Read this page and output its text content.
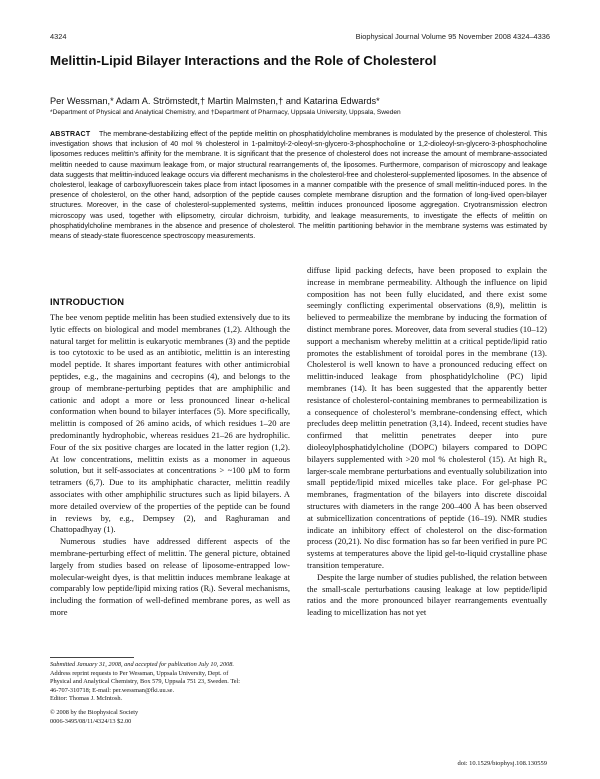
4324	Biophysical Journal Volume 95 November 2008 4324–4336
Melittin-Lipid Bilayer Interactions and the Role of Cholesterol
Per Wessman,* Adam A. Strömstedt,† Martin Malmsten,† and Katarina Edwards*
*Department of Physical and Analytical Chemistry, and †Department of Pharmacy, Uppsala University, Uppsala, Sweden

ABSTRACT The membrane-destabilizing effect of the peptide melittin on phosphatidylcholine membranes is modulated by the presence of cholesterol. This investigation shows that inclusion of 40 mol % cholesterol in 1-palmitoyl-2-oleoyl-sn-glycero-3-phosphocholine or 1,2-dioleoyl-sn-glycero-3-phosphocholine liposomes reduces melittin’s affinity for the membrane. It is significant that the presence of cholesterol does not increase the amount of membrane-associated melittin needed to cause maximum leakage from, or major structural rearrangements of, the liposomes. Furthermore, comparison of microscopy and leakage data suggests that melittin-induced leakage occurs via different mechanisms in the cholesterol-free and cholesterol-supplemented liposomes. In the absence of cholesterol, leakage of carboxyfluorescein takes place from intact liposomes in a manner compatible with the presence of small melittin-induced pores. In the presence of cholesterol, on the other hand, adsorption of the peptide causes complete membrane disruption and the formation of long-lived open-bilayer structures. Moreover, in the case of cholesterol-supplemented systems, melittin induces pronounced liposome aggregation. Cryotransmission electron microscopy was used, together with ellipsometry, circular dichroism, turbidity, and leakage measurements, to investigate the effects of melittin on phosphatidylcholine membranes in the absence and presence of cholesterol. The melittin partitioning behavior in the membrane systems was estimated by means of steady-state fluorescence spectroscopy measurements.

INTRODUCTION

The bee venom peptide melitin has been studied extensively due to its lytic effects on biological and model membranes (1,2). Although the natural target for melittin is eukaryotic membranes (3) and the peptide is too cytotoxic to be used as an antibiotic, melittin is an interesting model peptide. It shares important features with other antimicrobial peptides, e.g., the magainins and cecropins (4), and belongs to the group of membrane-perturbing peptides that are amphiphilic and cationic and adopt a more or less pronounced linear α-helical conformation when bound to bilayer interfaces (5). More specifically, melittin is composed of 26 amino acids, of which residues 1–20 are predominantly hydrophobic, whereas residues 21–26 are hydrophilic. Four of the six positive charges are located in the latter region (1,2). At low concentrations, melittin exists as a monomer in aqueous solution, but it self-associates at concentrations > ~100 μM to form tetramers (6,7). Due to its amphiphatic character, melittin readily associates with other amphiphilic structures such as lipid bilayers. A more detailed overview of the properties of the peptide can be found in reviews by, e.g., Dempsey (2), and Raghuraman and Chattopadhyay (1).

Numerous studies have addressed different aspects of the membrane-perturbing effect of melittin. The general picture, obtained largely from studies based on release of liposome-entrapped low-molecular-weight dyes, is that melittin induces membrane leakage at comparably low peptide/lipid mixing ratios (Rᵢ). Several mechanisms, including the formation of well-defined membrane pores, as well as more

diffuse lipid packing defects, have been proposed to explain the increase in membrane permeability. Although the influence on lipid composition has not been fully elucidated, and there exist some seemingly conflicting experimental observations (8,9), melittin is believed to permeabilize the membrane by inducing the formation of distinct membrane pores. Moreover, data from several studies (10–12) support a mechanism whereby melittin at a critical peptide/lipid ratio promotes the establishment of toroidal pores in the membrane (13). Cholesterol is well known to have a pronounced reducing effect on melittin-induced leakage from phosphatidylcholine (PC) lipid membranes (14). It has been suggested that the apparently better resistance of cholesterol-containing membranes to permeabilization is a consequence of cholesterol’s membrane-condensing effect, which precludes deep melittin penetration (3,14). Indeed, recent studies have confirmed that melittin penetrates deeper into pure dioleoylphosphatidylcholine (DOPC) bilayers compared to DOPC bilayers supplemented with >20 mol % cholesterol (15). At high Rᵢ, larger-scale membrane perturbations and eventually solubilization into small peptide/lipid mixed micelles take place. For gel-phase PC membranes, fragmentation of the bilayers into discrete discoidal structures with diameters in the range 200–400 Å has been observed at submicellization concentrations of peptide (16–19). NMR studies indicate an inhibitory effect of cholesterol on the disc-formation process (20,21). No disc formation has so far been verified in pure PC systems at temperatures above the lipid gel-to-liquid crystalline phase transition temperature.

Despite the large number of studies published, the relation between the small-scale perturbations causing leakage at low peptide/lipid ratios and the more pronounced bilayer rearrangements eventually leading to micellization has not yet

Submitted January 31, 2008, and accepted for publication July 10, 2008.
Address reprint requests to Per Wessman, Uppsala University, Dept. of
Physical and Analytical Chemistry, Box 579, Uppsala 751 23, Sweden. Tel:
46-707-310718; E-mail: per.wessman@fki.uu.se.
Editor: Thomas J. McIntosh.
© 2008 by the Biophysical Society
0006-3495/08/11/4324/13 $2.00
doi: 10.1529/biophysj.108.130559
